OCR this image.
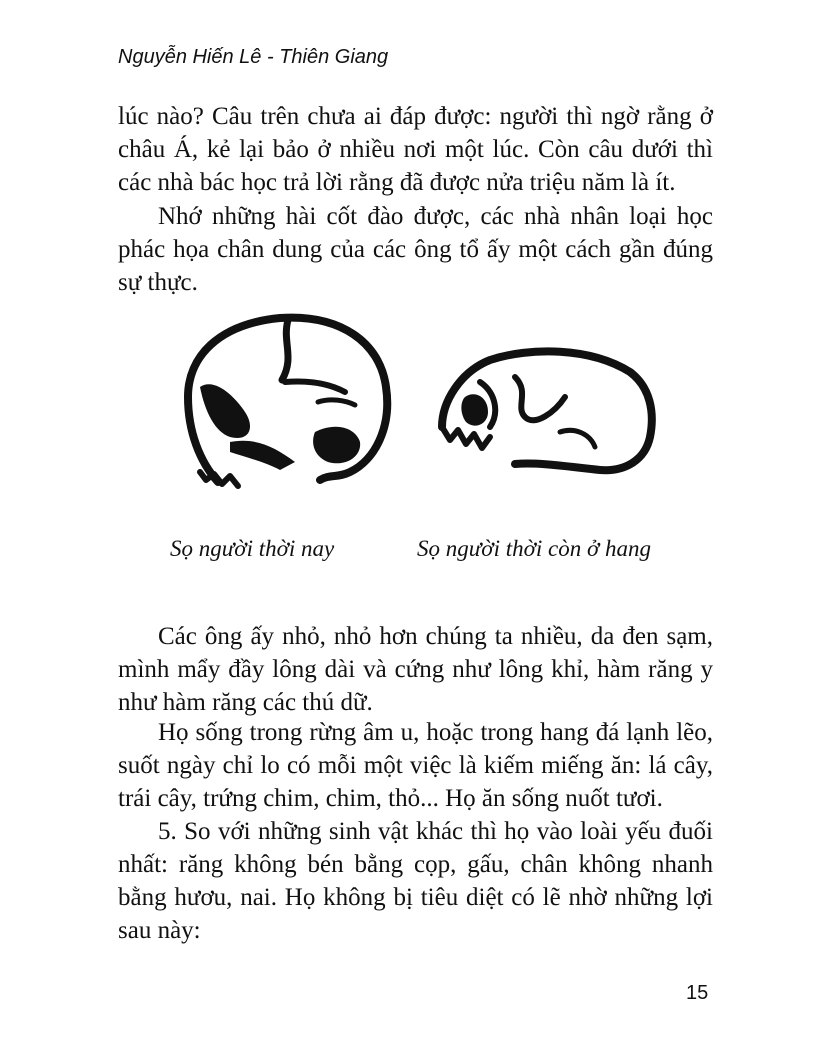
Nguyễn Hiến Lê - Thiên Giang

lúc nào? Câu trên chưa ai đáp được: người thì ngờ rằng ở châu Á, kẻ lại bảo ở nhiều nơi một lúc. Còn câu dưới thì các nhà bác học trả lời rằng đã được nửa triệu năm là ít.

Nhớ những hài cốt đào được, các nhà nhân loại học phác họa chân dung của các ông tổ ấy một cách gần đúng sự thực.

Sọ người thời nay	Sọ người thời còn ở hang

Các ông ấy nhỏ, nhỏ hơn chúng ta nhiều, da đen sạm, mình mẩy đầy lông dài và cứng như lông khỉ, hàm răng y như hàm răng các thú dữ.

Họ sống trong rừng âm u, hoặc trong hang đá lạnh lẽo, suốt ngày chỉ lo có mỗi một việc là kiếm miếng ăn: lá cây, trái cây, trứng chim, chim, thỏ... Họ ăn sống nuốt tươi.

5. So với những sinh vật khác thì họ vào loài yếu đuối nhất: răng không bén bằng cọp, gấu, chân không nhanh bằng hươu, nai. Họ không bị tiêu diệt có lẽ nhờ những lợi sau này:

15
